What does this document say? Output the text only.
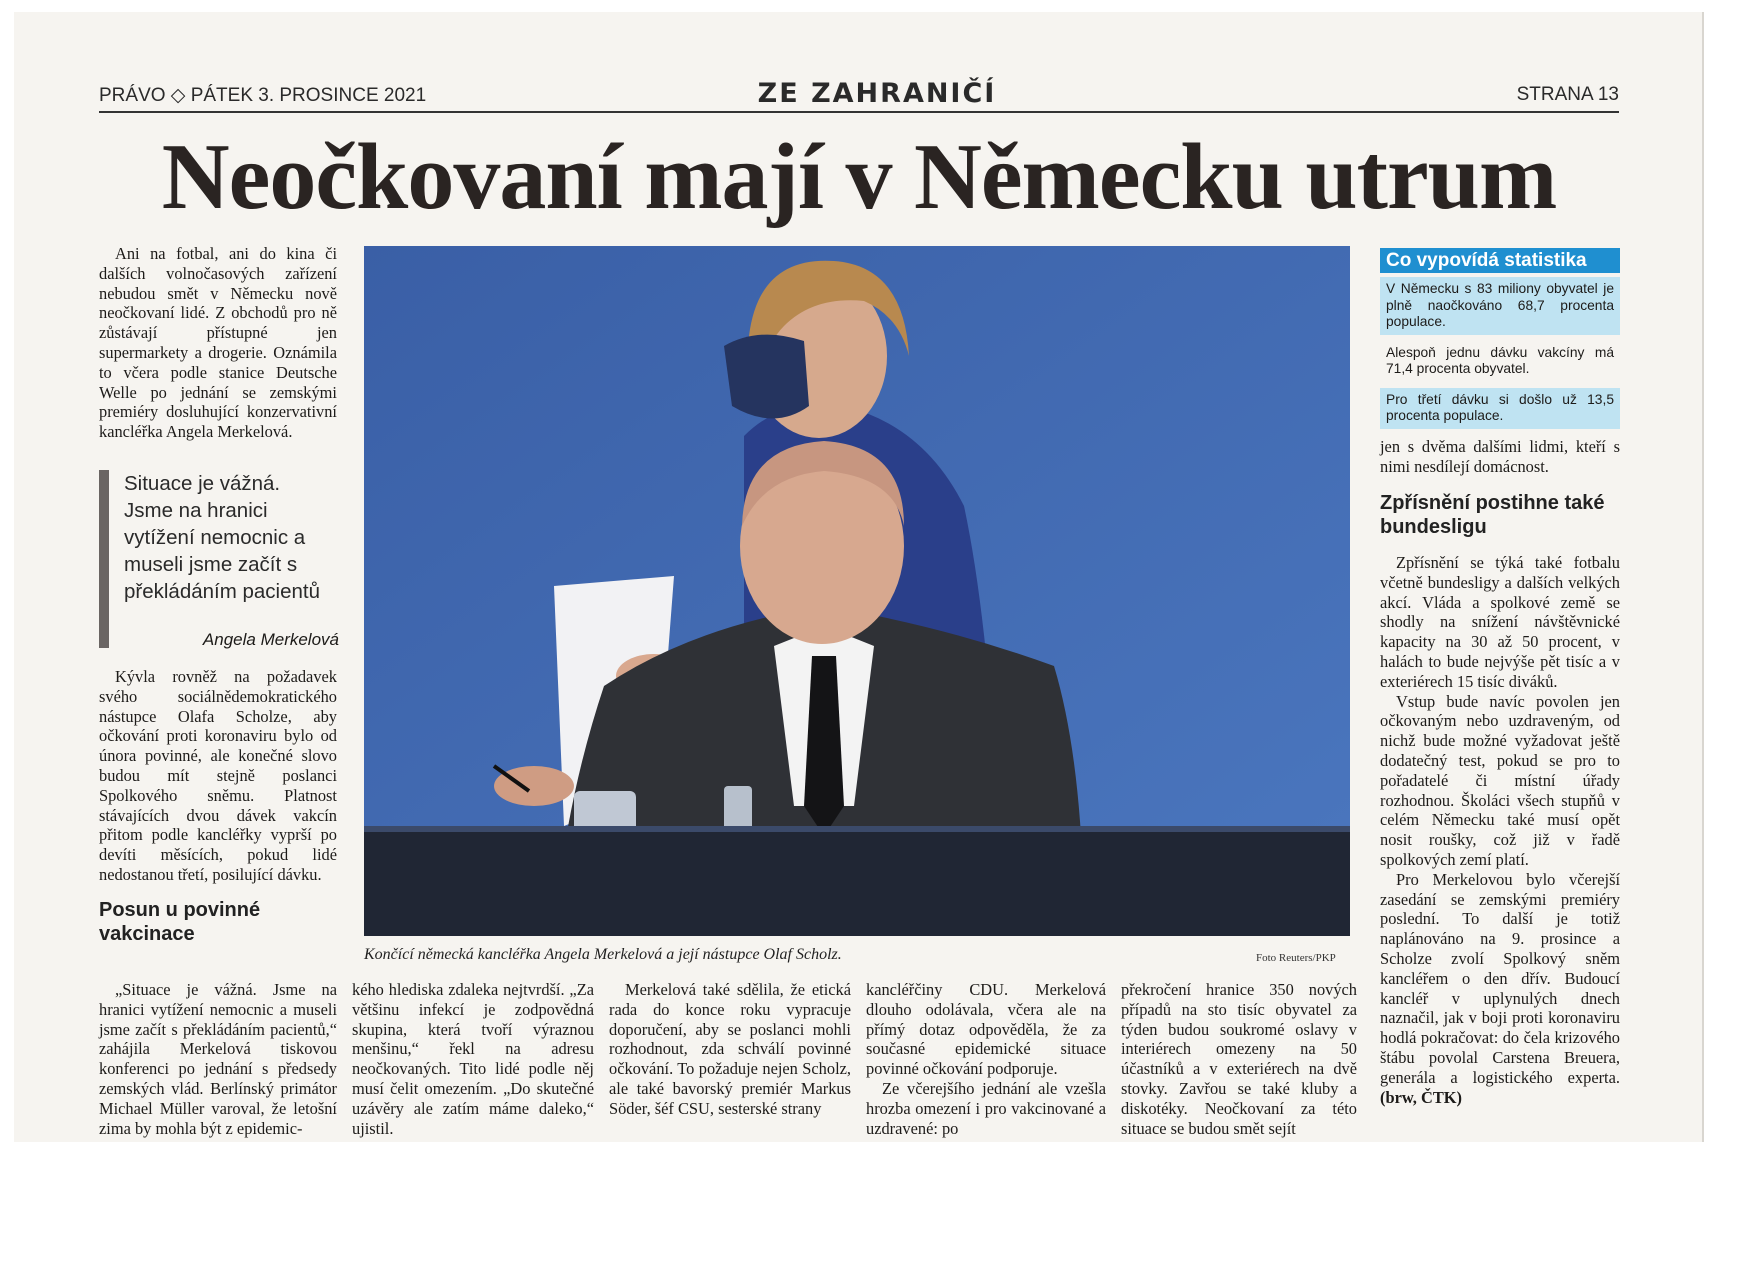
PRÁVO ◇ PÁTEK 3. PROSINCE 2021	ZE ZAHRANIČÍ	STRANA 13
Neočkovaní mají v Německu utrum

Ani na fotbal, ani do kina či dalších volnočasových zařízení nebudou smět v Německu nově neočkovaní lidé. Z obchodů pro ně zůstávají přístupné jen supermarkety a drogerie. Oznámila to včera podle stanice Deutsche Welle po jednání se zemskými premiéry dosluhující konzervativní kancléřka Angela Merkelová.

Situace je vážná. Jsme na hranici vytížení nemocnic a museli jsme začít s překládáním pacientů
Angela Merkelová

Kývla rovněž na požadavek svého sociálnědemokratického nástupce Olafa Scholze, aby očkování proti koronaviru bylo od února povinné, ale konečné slovo budou mít stejně poslanci Spolkového sněmu. Platnost stávajících dvou dávek vakcín přitom podle kancléřky vyprší po devíti měsících, pokud lidé nedostanou třetí, posilující dávku.

Posun u povinné vakcinace
Končící německá kancléřka Angela Merkelová a její nástupce Olaf Scholz.	Foto Reuters/PKP

„Situace je vážná. Jsme na hranici vytížení nemocnic a museli jsme začít s překládáním pacientů,“ zahájila Merkelová tiskovou konferenci po jednání s předsedy zemských vlád. Berlínský primátor Michael Müller varoval, že letošní zima by mohla být z epidemic-

kého hlediska zdaleka nejtvrdší. „Za většinu infekcí je zodpovědná skupina, která tvoří výraznou menšinu,“ řekl na adresu neočkovaných. Tito lidé podle něj musí čelit omezením. „Do skutečné uzávěry ale zatím máme daleko,“ ujistil.

Merkelová také sdělila, že etická rada do konce roku vypracuje doporučení, aby se poslanci mohli rozhodnout, zda schválí povinné očkování. To požaduje nejen Scholz, ale také bavorský premiér Markus Söder, šéf CSU, sesterské strany

kancléřčiny CDU. Merkelová dlouho odolávala, včera ale na přímý dotaz odpověděla, že za současné epidemické situace povinné očkování podporuje.

Ze včerejšího jednání ale vzešla hrozba omezení i pro vakcinované a uzdravené: po

překročení hranice 350 nových případů na sto tisíc obyvatel za týden budou soukromé oslavy v interiérech omezeny na 50 účastníků a v exteriérech na dvě stovky. Zavřou se také kluby a diskotéky. Neočkovaní za této situace se budou smět sejít

Co vypovídá statistika
V Německu s 83 miliony obyvatel je plně naočkováno 68,7 procenta populace.
Alespoň jednu dávku vakcíny má 71,4 procenta obyvatel.
Pro třetí dávku si došlo už 13,5 procenta populace.

jen s dvěma dalšími lidmi, kteří s nimi nesdílejí domácnost.

Zpřísnění postihne také bundesligu

Zpřísnění se týká také fotbalu včetně bundesligy a dalších velkých akcí. Vláda a spolkové země se shodly na snížení návštěvnické kapacity na 30 až 50 procent, v halách to bude nejvýše pět tisíc a v exteriérech 15 tisíc diváků.

Vstup bude navíc povolen jen očkovaným nebo uzdraveným, od nichž bude možné vyžadovat ještě dodatečný test, pokud se pro to pořadatelé či místní úřady rozhodnou. Školáci všech stupňů v celém Německu také musí opět nosit roušky, což již v řadě spolkových zemí platí.

Pro Merkelovou bylo včerejší zasedání se zemskými premiéry poslední. To další je totiž naplánováno na 9. prosince a Scholze zvolí Spolkový sněm kancléřem o den dřív. Budoucí kancléř v uplynulých dnech naznačil, jak v boji proti koronaviru hodlá pokračovat: do čela krizového štábu povolal Carstena Breuera, generála a logistického experta. (brw, ČTK)
